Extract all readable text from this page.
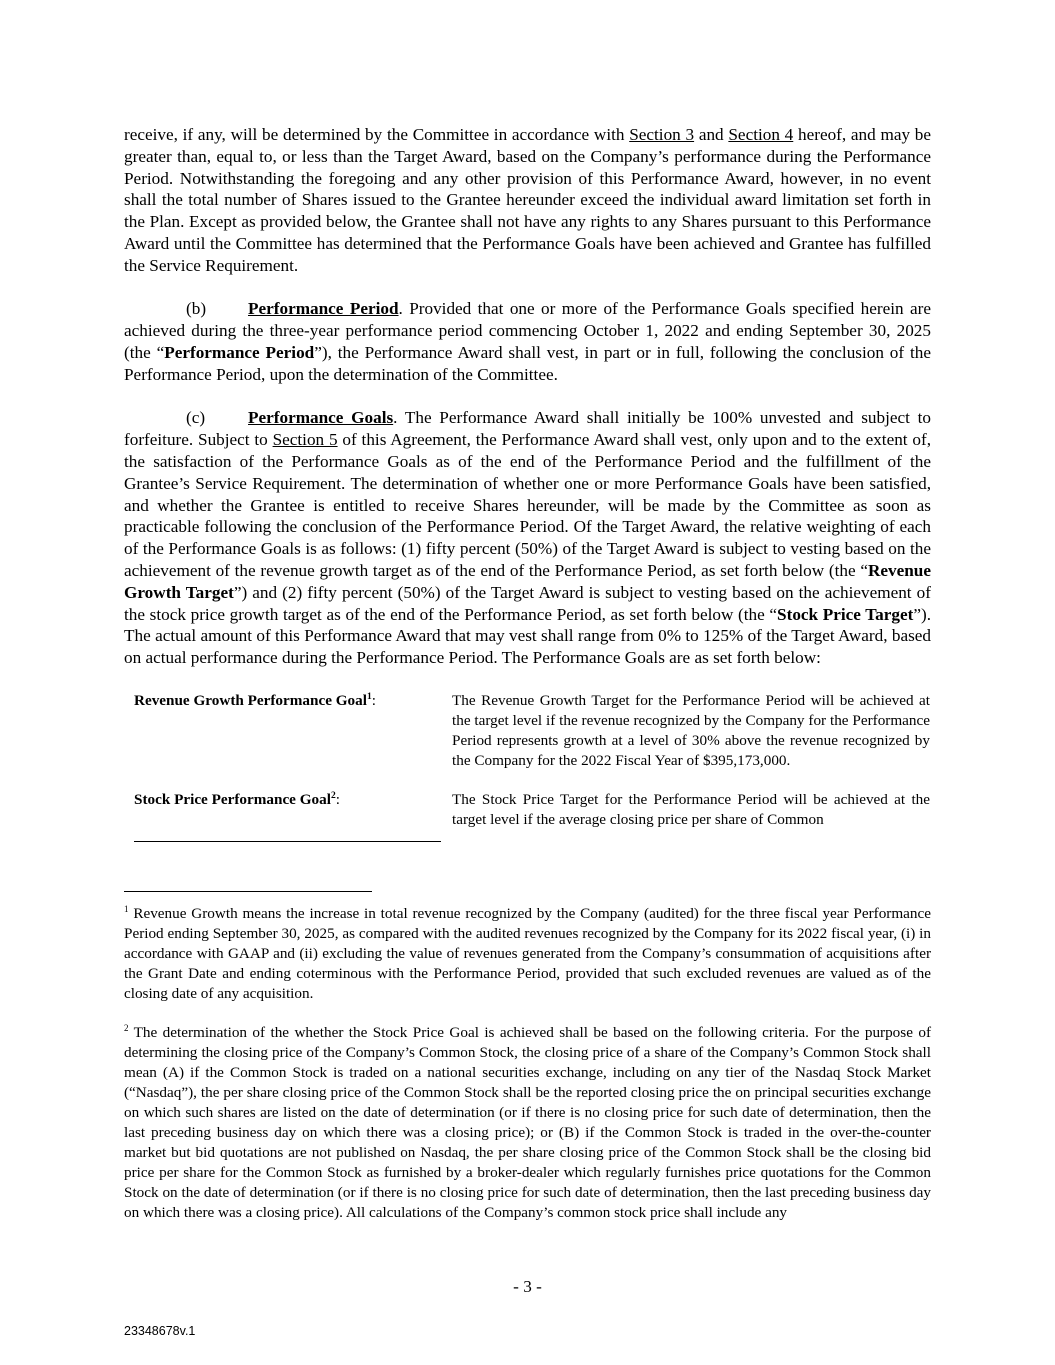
receive, if any, will be determined by the Committee in accordance with Section 3 and Section 4 hereof, and may be greater than, equal to, or less than the Target Award, based on the Company’s performance during the Performance Period. Notwithstanding the foregoing and any other provision of this Performance Award, however, in no event shall the total number of Shares issued to the Grantee hereunder exceed the individual award limitation set forth in the Plan. Except as provided below, the Grantee shall not have any rights to any Shares pursuant to this Performance Award until the Committee has determined that the Performance Goals have been achieved and Grantee has fulfilled the Service Requirement.

(b) Performance Period. Provided that one or more of the Performance Goals specified herein are achieved during the three-year performance period commencing October 1, 2022 and ending September 30, 2025 (the “Performance Period”), the Performance Award shall vest, in part or in full, following the conclusion of the Performance Period, upon the determination of the Committee.

(c) Performance Goals. The Performance Award shall initially be 100% unvested and subject to forfeiture. Subject to Section 5 of this Agreement, the Performance Award shall vest, only upon and to the extent of, the satisfaction of the Performance Goals as of the end of the Performance Period and the fulfillment of the Grantee’s Service Requirement. The determination of whether one or more Performance Goals have been satisfied, and whether the Grantee is entitled to receive Shares hereunder, will be made by the Committee as soon as practicable following the conclusion of the Performance Period. Of the Target Award, the relative weighting of each of the Performance Goals is as follows: (1) fifty percent (50%) of the Target Award is subject to vesting based on the achievement of the revenue growth target as of the end of the Performance Period, as set forth below (the “Revenue Growth Target”) and (2) fifty percent (50%) of the Target Award is subject to vesting based on the achievement of the stock price growth target as of the end of the Performance Period, as set forth below (the “Stock Price Target”). The actual amount of this Performance Award that may vest shall range from 0% to 125% of the Target Award, based on actual performance during the Performance Period. The Performance Goals are as set forth below:

Revenue Growth Performance Goal$^1$:	The Revenue Growth Target for the Performance Period will be achieved at the target level if the revenue recognized by the Company for the Performance Period represents growth at a level of 30% above the revenue recognized by the Company for the 2022 Fiscal Year of $395,173,000.
Stock Price Performance Goal$^2$:	The Stock Price Target for the Performance Period will be achieved at the target level if the average closing price per share of Common

$^1$ Revenue Growth means the increase in total revenue recognized by the Company (audited) for the three fiscal year Performance Period ending September 30, 2025, as compared with the audited revenues recognized by the Company for its 2022 fiscal year, (i) in accordance with GAAP and (ii) excluding the value of revenues generated from the Company’s consummation of acquisitions after the Grant Date and ending coterminous with the Performance Period, provided that such excluded revenues are valued as of the closing date of any acquisition.

$^2$ The determination of the whether the Stock Price Goal is achieved shall be based on the following criteria. For the purpose of determining the closing price of the Company’s Common Stock, the closing price of a share of the Company’s Common Stock shall mean (A) if the Common Stock is traded on a national securities exchange, including on any tier of the Nasdaq Stock Market (“Nasdaq”), the per share closing price of the Common Stock shall be the reported closing price the on principal securities exchange on which such shares are listed on the date of determination (or if there is no closing price for such date of determination, then the last preceding business day on which there was a closing price); or (B) if the Common Stock is traded in the over-the-counter market but bid quotations are not published on Nasdaq, the per share closing price of the Common Stock shall be the closing bid price per share for the Common Stock as furnished by a broker-dealer which regularly furnishes price quotations for the Common Stock on the date of determination (or if there is no closing price for such date of determination, then the last preceding business day on which there was a closing price). All calculations of the Company’s common stock price shall include any

- 3 -
23348678v.1
